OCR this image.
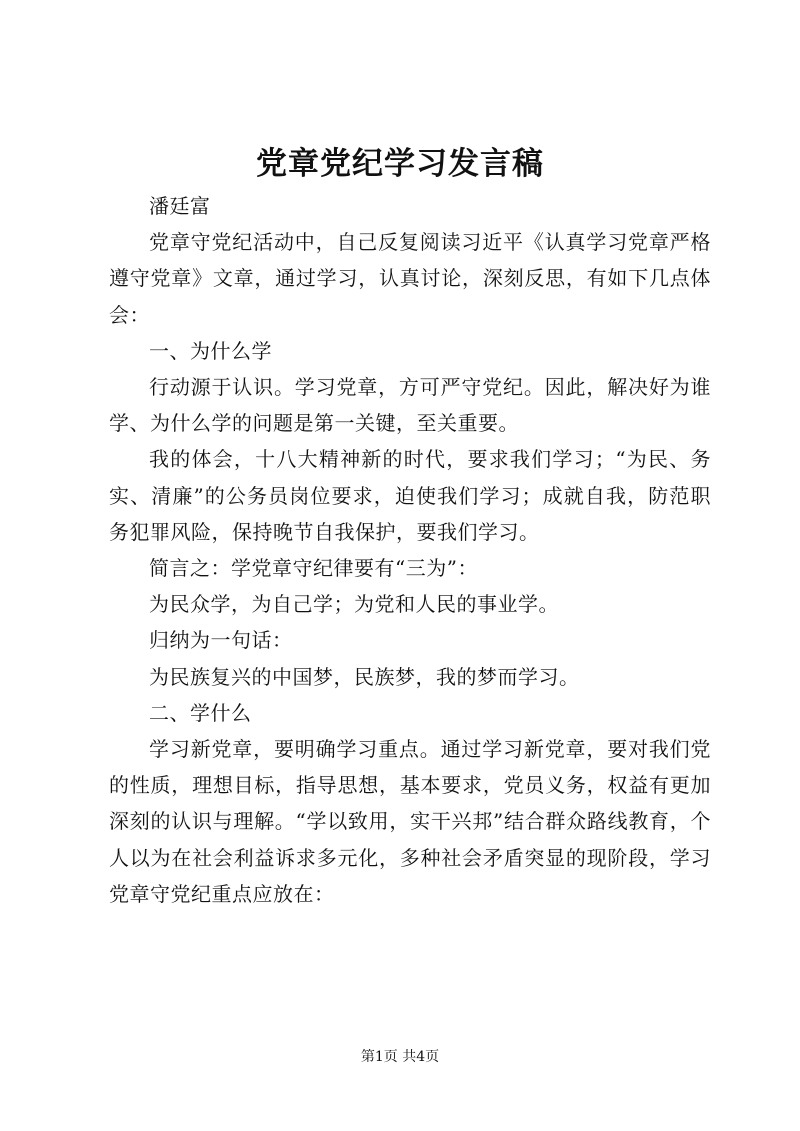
党章党纪学习发言稿

潘廷富

党章守党纪活动中，自己反复阅读习近平《认真学习党章严格遵守党章》文章，通过学习，认真讨论，深刻反思，有如下几点体会：

一、为什么学

行动源于认识。学习党章，方可严守党纪。因此，解决好为谁学、为什么学的问题是第一关键，至关重要。

我的体会，十八大精神新的时代，要求我们学习；“为民、务实、清廉”的公务员岗位要求，迫使我们学习；成就自我，防范职务犯罪风险，保持晚节自我保护，要我们学习。

简言之：学党章守纪律要有“三为”：

为民众学，为自己学；为党和人民的事业学。

归纳为一句话：

为民族复兴的中国梦，民族梦，我的梦而学习。

二、学什么

学习新党章，要明确学习重点。通过学习新党章，要对我们党的性质，理想目标，指导思想，基本要求，党员义务，权益有更加深刻的认识与理解。“学以致用，实干兴邦”结合群众路线教育，个人以为在社会利益诉求多元化，多种社会矛盾突显的现阶段，学习党章守党纪重点应放在：

第1页 共4页
